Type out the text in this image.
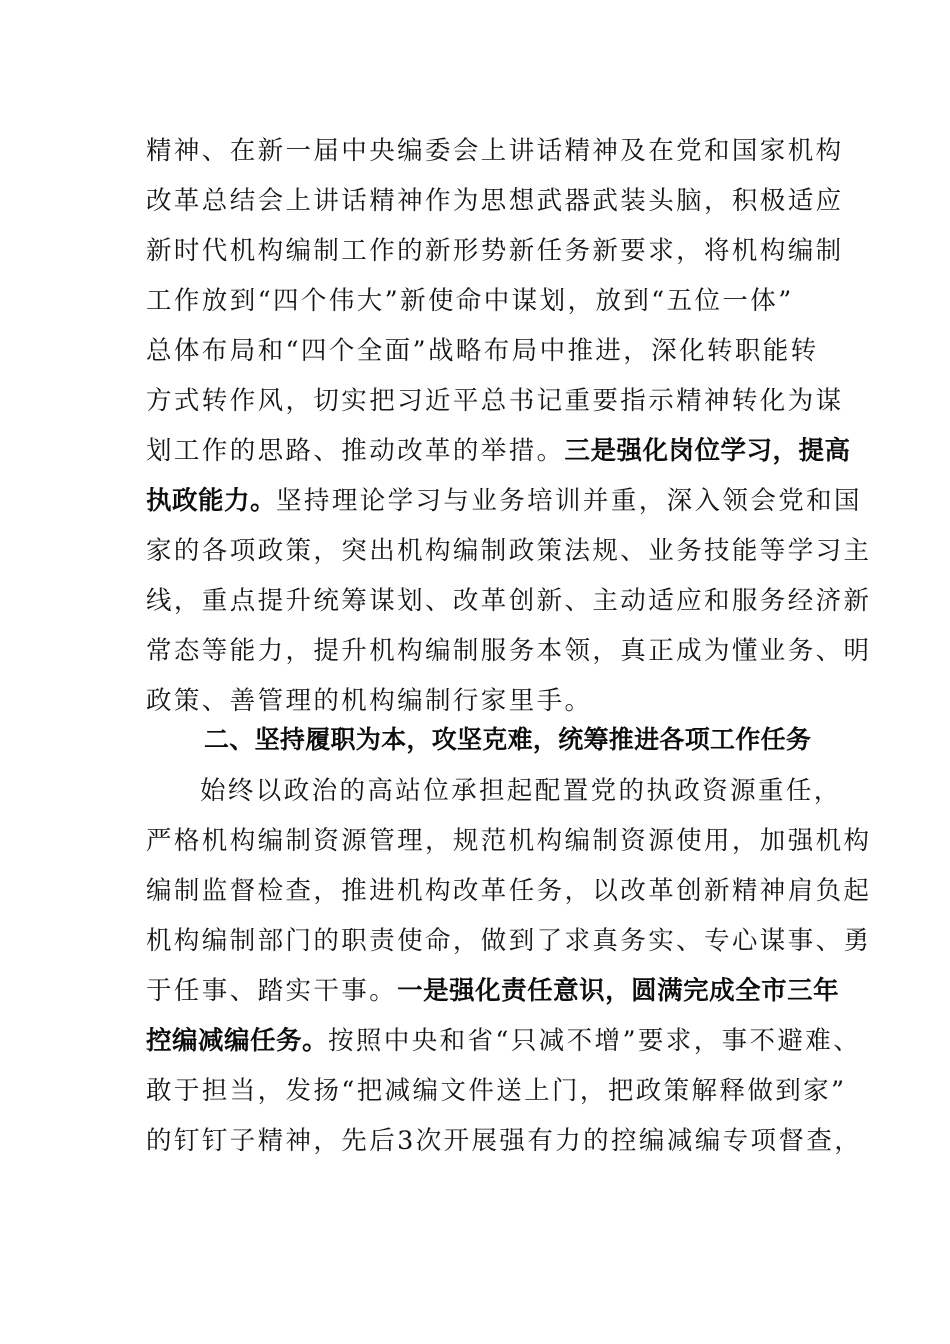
精神、在新一届中央编委会上讲话精神及在党和国家机构
改革总结会上讲话精神作为思想武器武装头脑，积极适应
新时代机构编制工作的新形势新任务新要求，将机构编制
工作放到“四个伟大”新使命中谋划，放到“五位一体”
总体布局和“四个全面”战略布局中推进，深化转职能转
方式转作风，切实把习近平总书记重要指示精神转化为谋
划工作的思路、推动改革的举措。三是强化岗位学习，提高
执政能力。坚持理论学习与业务培训并重，深入领会党和国
家的各项政策，突出机构编制政策法规、业务技能等学习主
线，重点提升统筹谋划、改革创新、主动适应和服务经济新
常态等能力，提升机构编制服务本领，真正成为懂业务、明
政策、善管理的机构编制行家里手。
二、坚持履职为本，攻坚克难，统筹推进各项工作任务
始终以政治的高站位承担起配置党的执政资源重任，
严格机构编制资源管理，规范机构编制资源使用，加强机构
编制监督检查，推进机构改革任务，以改革创新精神肩负起
机构编制部门的职责使命，做到了求真务实、专心谋事、勇
于任事、踏实干事。一是强化责任意识，圆满完成全市三年
控编减编任务。按照中央和省“只减不增”要求，事不避难、
敢于担当，发扬“把减编文件送上门，把政策解释做到家”
的钉钉子精神，先后3次开展强有力的控编减编专项督查，
